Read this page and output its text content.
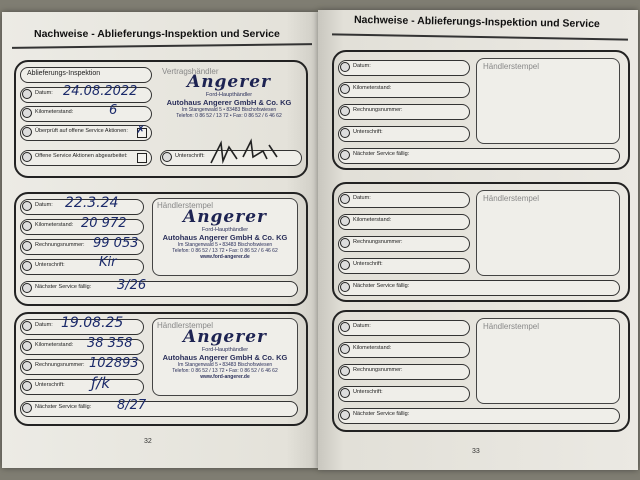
Nachweise - Ablieferungs-Inspektion und Service
Ablieferungs-Inspektion
Datum: 24.08.2022
Kilometerstand:	6
Überprüft auf offene Service Aktionen: ✗
Offene Service Aktionen abgearbeitet:
Vertragshändler
Angerer
Ford-Haupthändler
Autohaus Angerer GmbH & Co. KG
Im Stangenwald 5 • 83483 Bischofswiesen
Telefon: 0 86 52 / 13 72 • Fax: 0 86 52 / 6 46 62
Unterschrift:
Datum: 22.3.24
Kilometerstand: 20 972
Rechnungsnummer: 99 053
Unterschrift:	Kir
Nächster Service fällig: 3/26
Händlerstempel
Angerer
Ford-Haupthändler
Autohaus Angerer GmbH & Co. KG
Im Stangenwald 5 • 83483 Bischofswiesen
Telefon: 0 86 52 / 13 72 • Fax: 0 86 52 / 6 46 62
www.ford-angerer.de
Datum: 19.08.25
Kilometerstand: 38 358
Rechnungsnummer: 102893
Unterschrift: ƒ/k
Nächster Service fällig: 8/27
Händlerstempel
Angerer
Ford-Haupthändler
Autohaus Angerer GmbH & Co. KG
Im Stangenwald 5 • 83483 Bischofswiesen
Telefon: 0 86 52 / 13 72 • Fax: 0 86 52 / 6 46 62
www.ford-angerer.de
32
Nachweise - Ablieferungs-Inspektion und Service
Datum:
Kilometerstand:
Rechnungsnummer:
Unterschrift:
Nächster Service fällig:
Händlerstempel
Datum:
Kilometerstand:
Rechnungsnummer:
Unterschrift:
Nächster Service fällig:
Händlerstempel
Datum:
Kilometerstand:
Rechnungsnummer:
Unterschrift:
Nächster Service fällig:
Händlerstempel
33
